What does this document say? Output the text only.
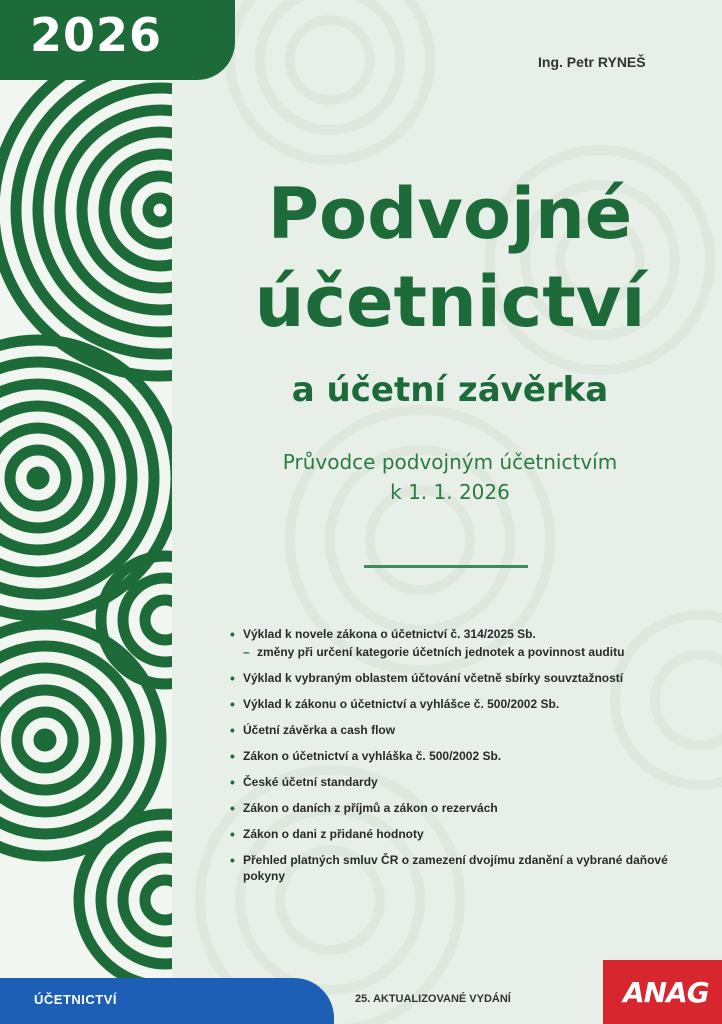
2026	Ing. Petr RYNEŠ
Podvojné
účetnictví
a účetní závěrka
Průvodce podvojným účetnictvím
k 1. 1. 2026
• Výklad k novele zákona o účetnictví č. 314/2025 Sb.
– změny při určení kategorie účetních jednotek a povinnost auditu
• Výklad k vybraným oblastem účtování včetně sbírky souvztažností
• Výklad k zákonu o účetnictví a vyhlášce č. 500/2002 Sb.
• Účetní závěrka a cash flow
• Zákon o účetnictví a vyhláška č. 500/2002 Sb.
• České účetní standardy
• Zákon o daních z příjmů a zákon o rezervách
• Zákon o dani z přidané hodnoty
• Přehled platných smluv ČR o zamezení dvojímu zdanění a vybrané daňové pokyny
ÚČETNICTVÍ	25. AKTUALIZOVANÉ VYDÁNÍ	ANAG
